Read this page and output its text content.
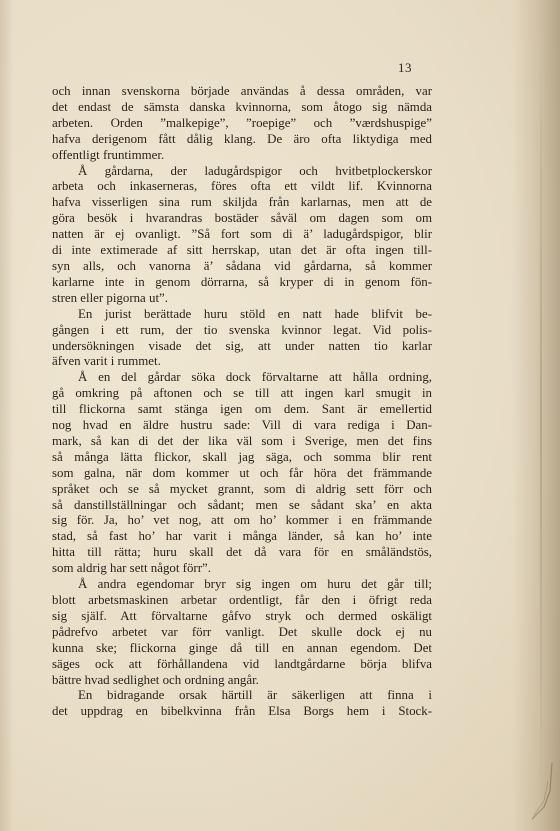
13
och innan svenskorna började användas å dessa områden, var
det endast de sämsta danska kvinnorna, som åtogo sig nämda
arbeten. Orden ”malkepige”, ”roepige” och ”værdshuspige”
hafva derigenom fått dålig klang. De äro ofta liktydiga med
offentligt fruntimmer.
Å gårdarna, der ladugårdspigor och hvitbetplockerskor
arbeta och inkaserneras, föres ofta ett vildt lif. Kvinnorna
hafva visserligen sina rum skiljda från karlarnas, men att de
göra besök i hvarandras bostäder såväl om dagen som om
natten är ej ovanligt. ”Så fort som di ä’ ladugårdspigor, blir
di inte extimerade af sitt herrskap, utan det är ofta ingen till-
syn alls, och vanorna ä’ sådana vid gårdarna, så kommer
karlarne inte in genom dörrarna, så kryper di in genom fön-
stren eller pigorna ut”.
En jurist berättade huru stöld en natt hade blifvit be-
gången i ett rum, der tio svenska kvinnor legat. Vid polis-
undersökningen visade det sig, att under natten tio karlar
äfven varit i rummet.
Å en del gårdar söka dock förvaltarne att hålla ordning,
gå omkring på aftonen och se till att ingen karl smugit in
till flickorna samt stänga igen om dem. Sant är emellertid
nog hvad en äldre hustru sade: Vill di vara rediga i Dan-
mark, så kan di det der lika väl som i Sverige, men det fins
så många lätta flickor, skall jag säga, och somma blir rent
som galna, när dom kommer ut och får höra det främmande
språket och se så mycket grannt, som di aldrig sett förr och
så danstillställningar och sådant; men se sådant ska’ en akta
sig för. Ja, ho’ vet nog, att om ho’ kommer i en främmande
stad, så fast ho’ har varit i många länder, så kan ho’ inte
hitta till rätta; huru skall det då vara för en småländstös,
som aldrig har sett något förr”.
Å andra egendomar bryr sig ingen om huru det går till;
blott arbetsmaskinen arbetar ordentligt, får den i öfrigt reda
sig själf. Att förvaltarne gåfvo stryk och dermed oskäligt
pådrefvo arbetet var förr vanligt. Det skulle dock ej nu
kunna ske; flickorna ginge då till en annan egendom. Det
säges ock att förhållandena vid landtgårdarne börja blifva
bättre hvad sedlighet och ordning angår.
En bidragande orsak härtill är säkerligen att finna i
det uppdrag en bibelkvinna från Elsa Borgs hem i Stock-
